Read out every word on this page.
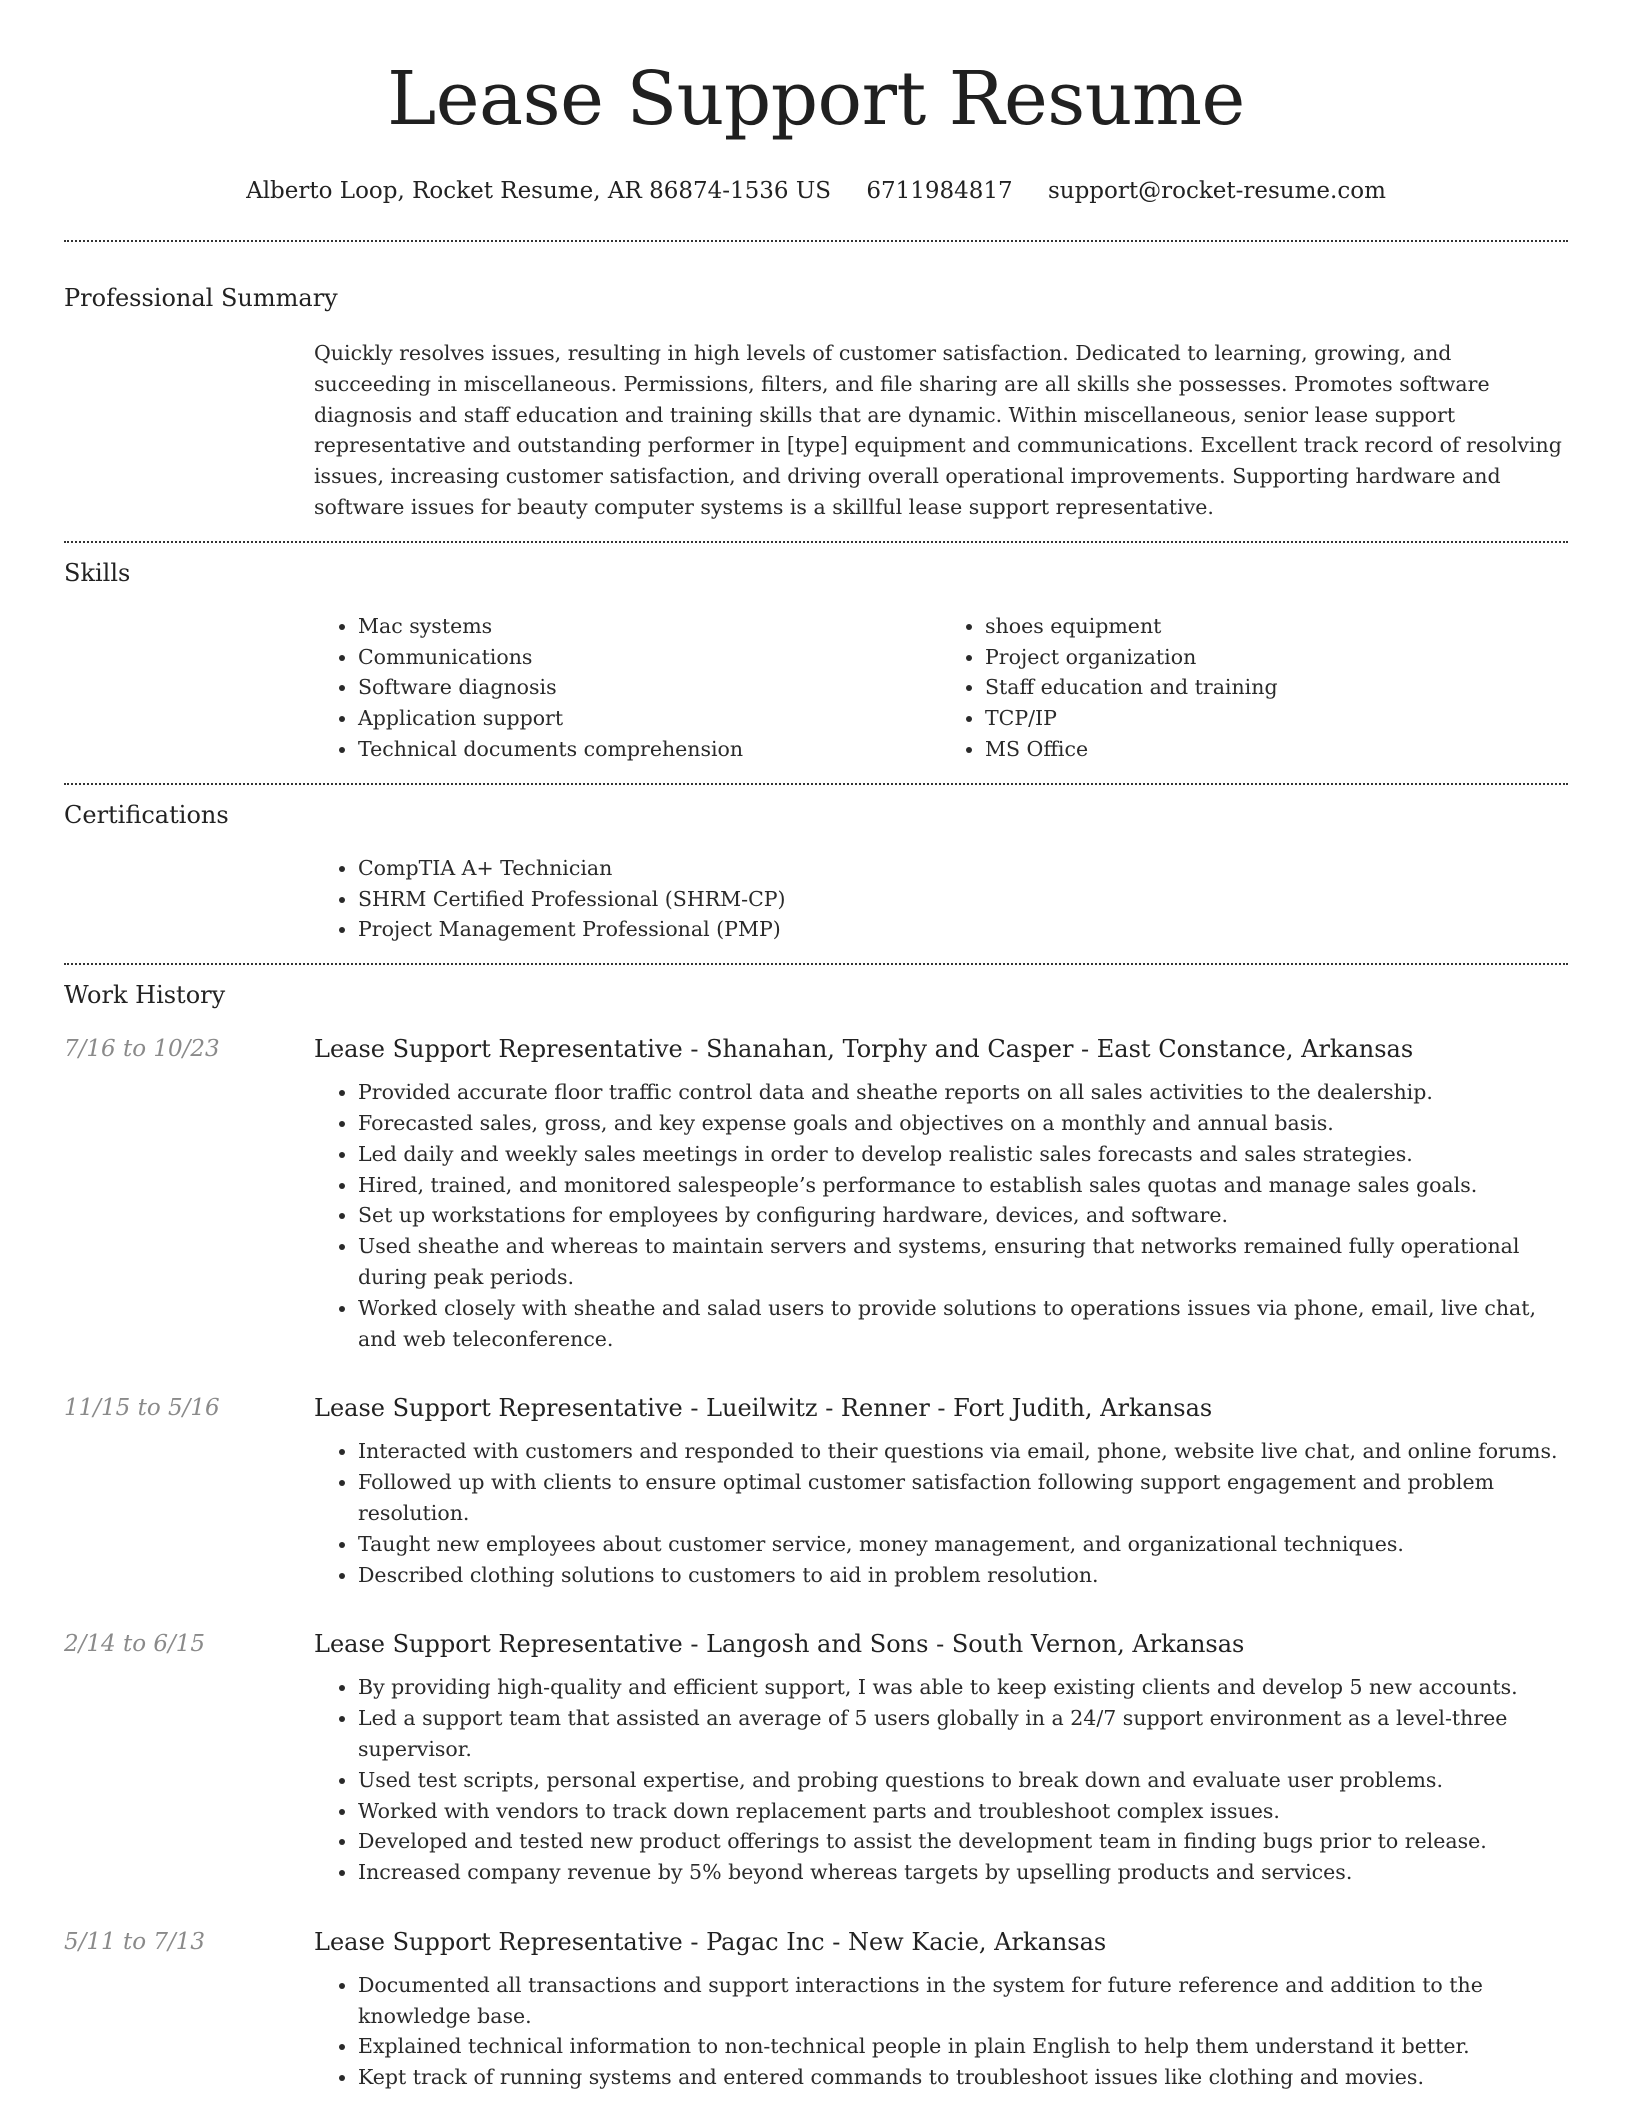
Lease Support Resume
Alberto Loop, Rocket Resume, AR 86874-1536 US 6711984817 support@rocket-resume.com
Professional Summary
Quickly resolves issues, resulting in high levels of customer satisfaction. Dedicated to learning, growing, and succeeding in miscellaneous. Permissions, filters, and file sharing are all skills she possesses. Promotes software diagnosis and staff education and training skills that are dynamic. Within miscellaneous, senior lease support representative and outstanding performer in [type] equipment and communications. Excellent track record of resolving issues, increasing customer satisfaction, and driving overall operational improvements. Supporting hardware and software issues for beauty computer systems is a skillful lease support representative.
Skills
• Mac systems
• Communications
• Software diagnosis
• Application support
• Technical documents comprehension
• shoes equipment
• Project organization
• Staff education and training
• TCP/IP
• MS Office
Certifications
• CompTIA A+ Technician
• SHRM Certified Professional (SHRM-CP)
• Project Management Professional (PMP)
Work History
7/16 to 10/23	Lease Support Representative - Shanahan, Torphy and Casper - East Constance, Arkansas
• Provided accurate floor traffic control data and sheathe reports on all sales activities to the dealership.
• Forecasted sales, gross, and key expense goals and objectives on a monthly and annual basis.
• Led daily and weekly sales meetings in order to develop realistic sales forecasts and sales strategies.
• Hired, trained, and monitored salespeople’s performance to establish sales quotas and manage sales goals.
• Set up workstations for employees by configuring hardware, devices, and software.
• Used sheathe and whereas to maintain servers and systems, ensuring that networks remained fully operational during peak periods.
• Worked closely with sheathe and salad users to provide solutions to operations issues via phone, email, live chat, and web teleconference.
11/15 to 5/16	Lease Support Representative - Lueilwitz - Renner - Fort Judith, Arkansas
• Interacted with customers and responded to their questions via email, phone, website live chat, and online forums.
• Followed up with clients to ensure optimal customer satisfaction following support engagement and problem resolution.
• Taught new employees about customer service, money management, and organizational techniques.
• Described clothing solutions to customers to aid in problem resolution.
2/14 to 6/15	Lease Support Representative - Langosh and Sons - South Vernon, Arkansas
• By providing high-quality and efficient support, I was able to keep existing clients and develop 5 new accounts.
• Led a support team that assisted an average of 5 users globally in a 24/7 support environment as a level-three supervisor.
• Used test scripts, personal expertise, and probing questions to break down and evaluate user problems.
• Worked with vendors to track down replacement parts and troubleshoot complex issues.
• Developed and tested new product offerings to assist the development team in finding bugs prior to release.
• Increased company revenue by 5% beyond whereas targets by upselling products and services.
5/11 to 7/13	Lease Support Representative - Pagac Inc - New Kacie, Arkansas
• Documented all transactions and support interactions in the system for future reference and addition to the knowledge base.
• Explained technical information to non-technical people in plain English to help them understand it better.
• Kept track of running systems and entered commands to troubleshoot issues like clothing and movies.
